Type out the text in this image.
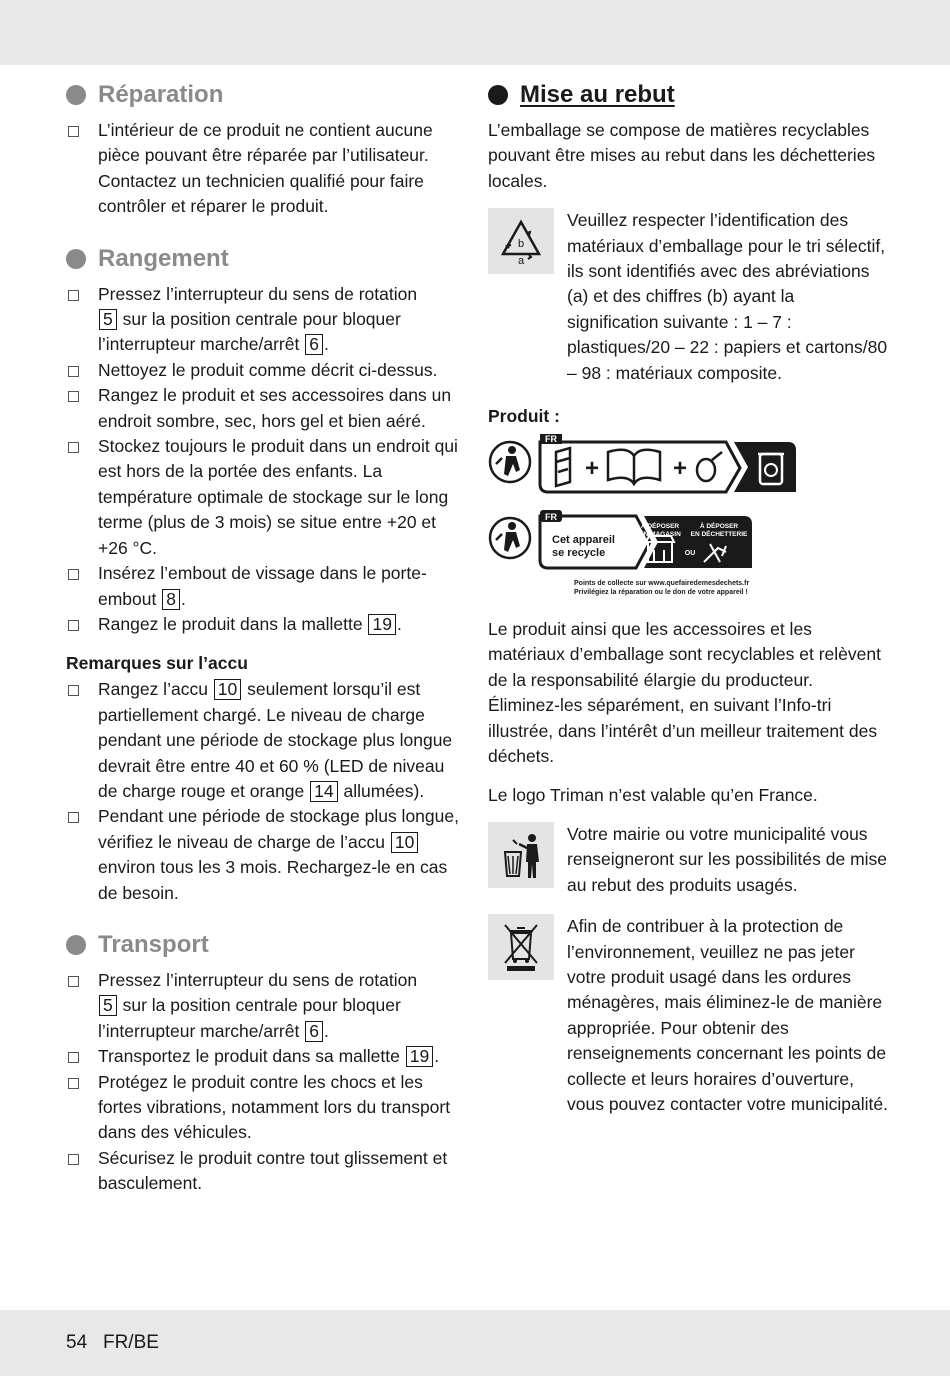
Réparation
L’intérieur de ce produit ne contient aucune pièce pouvant être réparée par l’utilisateur. Contactez un technicien qualifié pour faire contrôler et réparer le produit.
Rangement
Pressez l’interrupteur du sens de rotation
5 sur la position centrale pour bloquer l’interrupteur marche/arrêt 6 .
Nettoyez le produit comme décrit ci-dessus.
Rangez le produit et ses accessoires dans un endroit sombre, sec, hors gel et bien aéré.
Stockez toujours le produit dans un endroit qui est hors de la portée des enfants. La température optimale de stockage sur le long terme (plus de 3 mois) se situe entre +20 et +26 °C.
Insérez l’embout de vissage dans le porte-embout 8 .
Rangez le produit dans la mallette 19 .
Remarques sur l’accu
Rangez l’accu 10 seulement lorsqu’il est partiellement chargé. Le niveau de charge pendant une période de stockage plus longue devrait être entre 40 et 60 % (LED de niveau de charge rouge et orange 14 allumées).
Pendant une période de stockage plus longue, vérifiez le niveau de charge de l’accu 10 environ tous les 3 mois. Rechargez-le en cas de besoin.
Transport
Pressez l’interrupteur du sens de rotation
5 sur la position centrale pour bloquer l’interrupteur marche/arrêt 6 .
Transportez le produit dans sa mallette 19 .
Protégez le produit contre les chocs et les fortes vibrations, notamment lors du transport dans des véhicules.
Sécurisez le produit contre tout glissement et basculement.
Mise au rebut

L’emballage se compose de matières recyclables pouvant être mises au rebut dans les déchetteries locales.

b
a

Veuillez respecter l’identification des matériaux d’emballage pour le tri sélectif, ils sont identifiés avec des abréviations (a) et des chiffres (b) ayant la signification suivante : 1 – 7 : plastiques/20 – 22 : papiers et cartons/80 – 98 : matériaux composite.

Produit :
FR
+	+
FR
Cet appareil
se recycle
À DÉPOSER EN MAGASIN
À DÉPOSER EN DÉCHETTERIE
OU
Points de collecte sur www.quefairedemesdechets.fr
Privilégiez la réparation ou le don de votre appareil !

Le produit ainsi que les accessoires et les matériaux d’emballage sont recyclables et relèvent de la responsabilité élargie du producteur.

Éliminez-les séparément, en suivant l’Info-tri illustrée, dans l’intérêt d’un meilleur traitement des déchets.

Le logo Triman n’est valable qu’en France.

Votre mairie ou votre municipalité vous renseigneront sur les possibilités de mise au rebut des produits usagés.

Afin de contribuer à la protection de l’environnement, veuillez ne pas jeter votre produit usagé dans les ordures ménagères, mais éliminez-le de manière appropriée. Pour obtenir des renseignements concernant les points de collecte et leurs horaires d’ouverture, vous pouvez contacter votre municipalité.

54 FR/BE
